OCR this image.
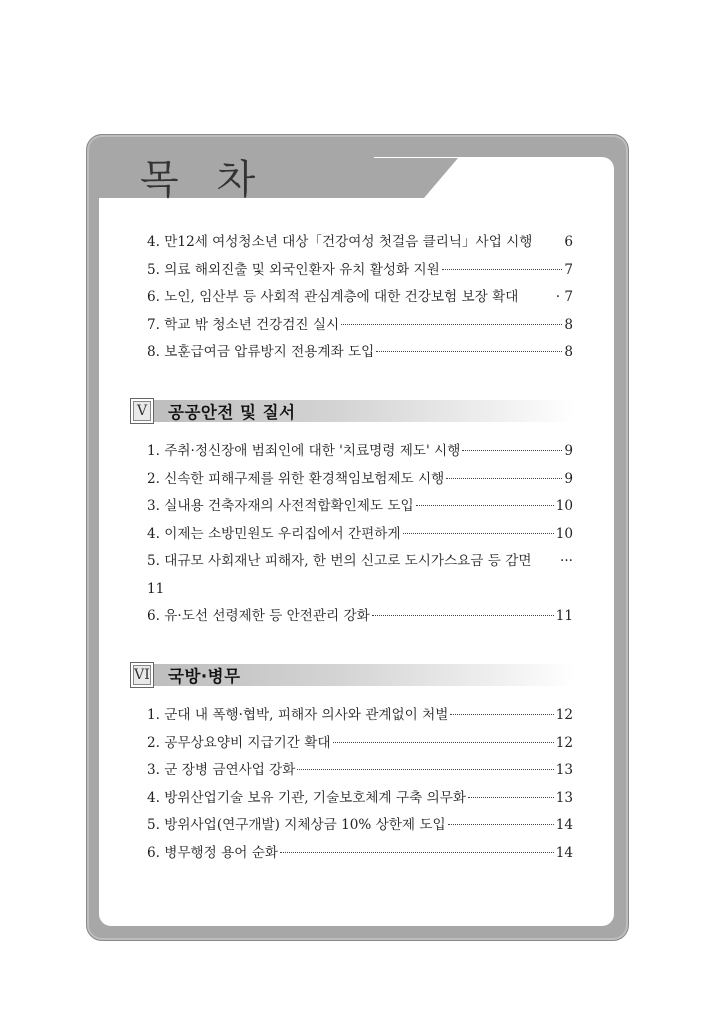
목 차
4. 만12세 여성청소년 대상「건강여성 첫걸음 클리닉」사업 시행 6
5. 의료 해외진출 및 외국인환자 유치 활성화 지원	7
6. 노인, 임산부 등 사회적 관심계층에 대한 건강보험 보장 확대	· 7
7. 학교 밖 청소년 건강검진 실시	8
8. 보훈급여금 압류방지 전용계좌 도입	8
V	공공안전 및 질서
1. 주취·정신장애 범죄인에 대한 '치료명령 제도' 시행	9
2. 신속한 피해구제를 위한 환경책임보험제도 시행	9
3. 실내용 건축자재의 사전적합확인제도 도입	10
4. 이제는 소방민원도 우리집에서 간편하게	10
5. 대규모 사회재난 피해자, 한 번의 신고로 도시가스요금 등 감면 ···
11
6. 유·도선 선령제한 등 안전관리 강화	11
VI 국방·병무
1. 군대 내 폭행·협박, 피해자 의사와 관계없이 처벌	12
2. 공무상요양비 지급기간 확대	12
3. 군 장병 금연사업 강화	13
4. 방위산업기술 보유 기관, 기술보호체계 구축 의무화	13
5. 방위사업(연구개발) 지체상금 10% 상한제 도입	14
6. 병무행정 용어 순화	14
